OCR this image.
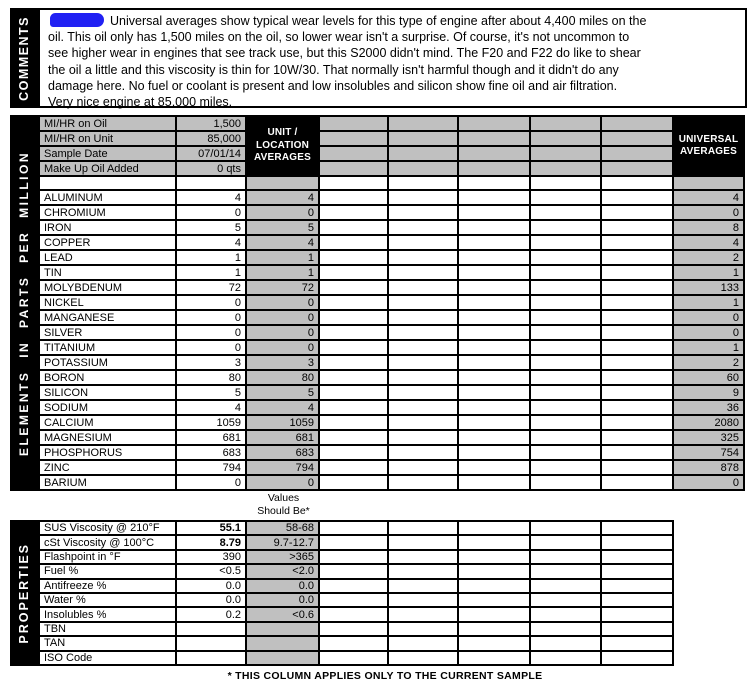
COMMENTS	Universal averages show typical wear levels for this type of engine after about 4,400 miles on the
oil. This oil only has 1,500 miles on the oil, so lower wear isn't a surprise. Of course, it's not uncommon to
see higher wear in engines that see track use, but this S2000 didn't mind. The F20 and F22 do like to shear
the oil a little and this viscosity is thin for 10W/30. That normally isn't harmful though and it didn't do any
damage here. No fuel or coolant is present and low insolubles and silicon show fine oil and air filtration.
Very nice engine at 85,000 miles.
ELEMENTS IN PARTS PER MILLION
UNIT /
LOCATION
AVERAGES
UNIVERSAL
AVERAGES
MI/HR on Oil	1,500
MI/HR on Unit	85,000
Sample Date	07/01/14
Make Up Oil Added	0 qts
ALUMINUM	4	4	4
CHROMIUM	0	0	0
IRON	5	5	8
COPPER	4	4	4
LEAD	1	1	2
TIN	1	1	1
MOLYBDENUM	72	72	133
NICKEL	0	0	1
MANGANESE	0	0	0
SILVER	0	0	0
TITANIUM	0	0	1
POTASSIUM	3	3	2
BORON	80	80	60
SILICON	5	5	9
SODIUM	4	4	36
CALCIUM	1059	1059	2080
MAGNESIUM	681	681	325
PHOSPHORUS	683	683	754
ZINC	794	794	878
BARIUM	0	0	0
Values
Should Be*
PROPERTIES
SUS Viscosity @ 210°F	55.1	58-68
cSt Viscosity @ 100°C	8.79	9.7-12.7
Flashpoint in °F	390	>365
Fuel %	<0.5	<2.0
Antifreeze %	0.0	0.0
Water %	0.0	0.0
Insolubles %	0.2	<0.6
TBN
TAN
ISO Code
* THIS COLUMN APPLIES ONLY TO THE CURRENT SAMPLE
